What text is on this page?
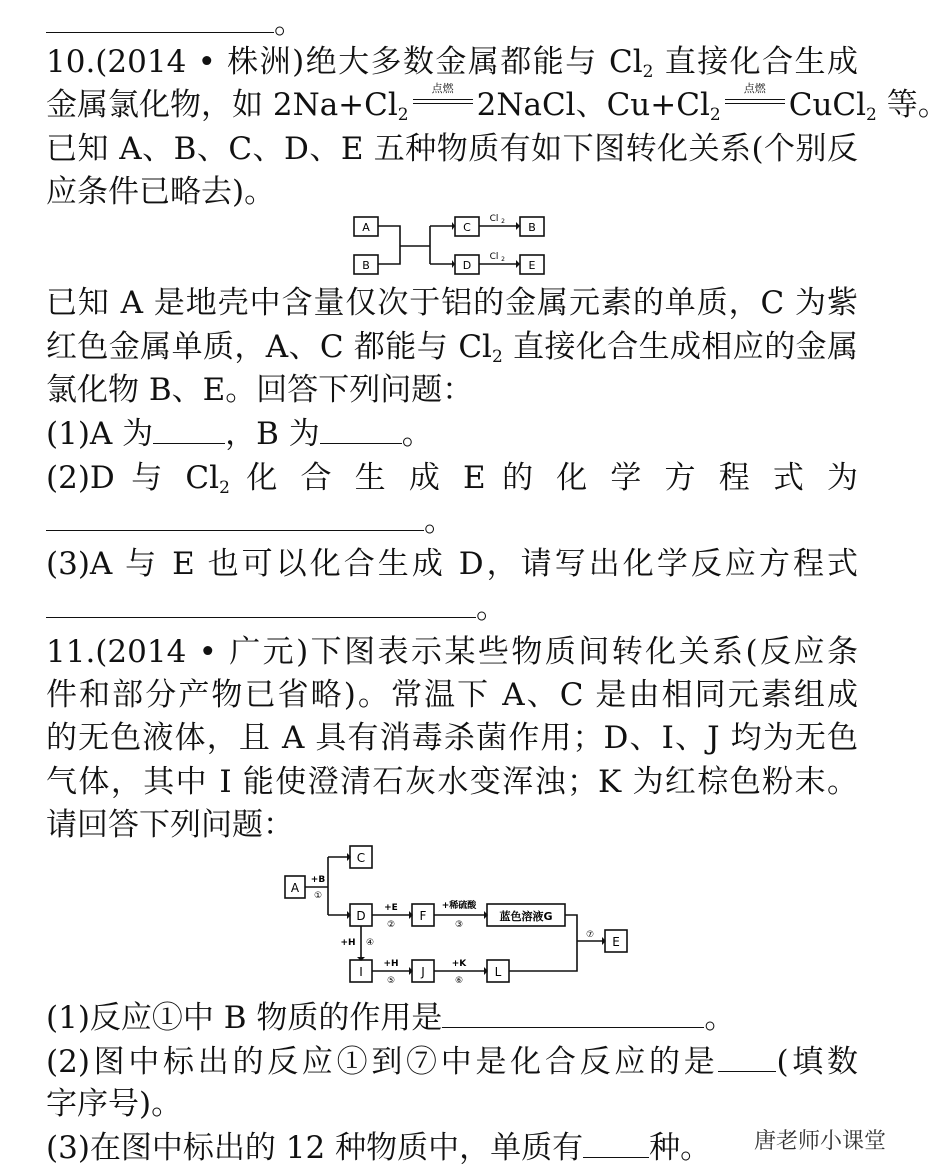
。
10.(2014 • 株洲)绝大多数金属都能与 $Cl_2$ 直接化合生成
金属氯化物，如 $2Na+Cl_2$
点燃 2NaCl、$Cu+Cl_2$
点燃 CuCl$_2$ 等。
已知 A、B、C、D、E 五种物质有如下图转化关系(个别反
应条件已略去)。
A
B
C
D
B
E
Cl 2
Cl 2
已知 A 是地壳中含量仅次于铝的金属元素的单质，C 为紫
红色金属单质，A、C 都能与 $Cl_2$ 直接化合生成相应的金属
氯化物 B、E。回答下列问题：
(1)A 为 ，B 为	。
(2)D 与 $Cl_2$ 化 合 生 成 E 的 化 学 方 程 式 为
。
(3)A 与 E 也可以化合生成 D，请写出化学反应方程式
。
11.(2014 • 广元)下图表示某些物质间转化关系(反应条
件和部分产物已省略)。常温下 A、C 是由相同元素组成
的无色液体，且 A 具有消毒杀菌作用；D、I、J 均为无色
气体，其中 I 能使澄清石灰水变浑浊；K 为红棕色粉末。
请回答下列问题：
A
C
D	F	蓝色溶液G
E
I	J	L
+B
①
+E
②
+稀硫酸
③
+H ④
+H
⑤
+K
⑥
⑦
(1)反应①中 B 物质的作用是	。
(2)图中标出的反应①到⑦中是化合反应的是 (填数
字序号)。
(3)在图中标出的 12 种物质中，单质有 种。 唐老师小课堂
